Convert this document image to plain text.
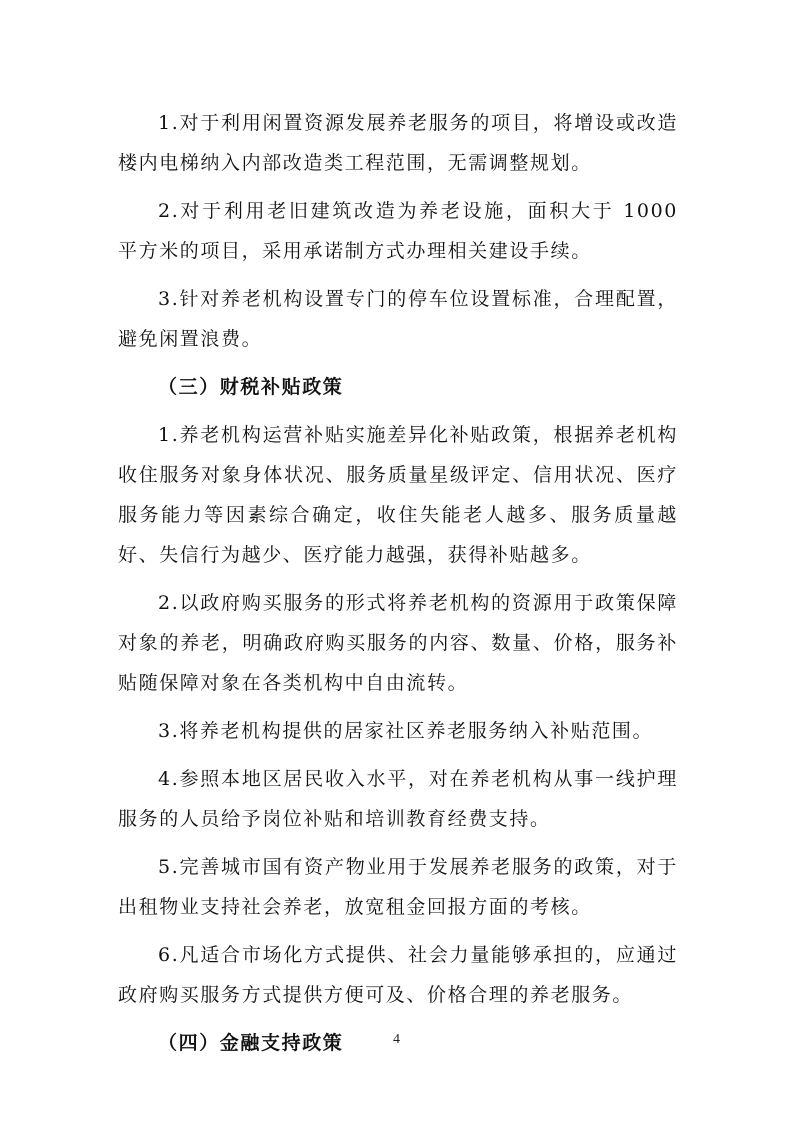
1.对于利用闲置资源发展养老服务的项目，将增设或改造楼内电梯纳入内部改造类工程范围，无需调整规划。

2.对于利用老旧建筑改造为养老设施，面积大于 1000 平方米的项目，采用承诺制方式办理相关建设手续。

3.针对养老机构设置专门的停车位设置标准，合理配置，避免闲置浪费。

（三）财税补贴政策

1.养老机构运营补贴实施差异化补贴政策，根据养老机构收住服务对象身体状况、服务质量星级评定、信用状况、医疗服务能力等因素综合确定，收住失能老人越多、服务质量越好、失信行为越少、医疗能力越强，获得补贴越多。

2.以政府购买服务的形式将养老机构的资源用于政策保障对象的养老，明确政府购买服务的内容、数量、价格，服务补贴随保障对象在各类机构中自由流转。

3.将养老机构提供的居家社区养老服务纳入补贴范围。

4.参照本地区居民收入水平，对在养老机构从事一线护理服务的人员给予岗位补贴和培训教育经费支持。

5.完善城市国有资产物业用于发展养老服务的政策，对于出租物业支持社会养老，放宽租金回报方面的考核。

6.凡适合市场化方式提供、社会力量能够承担的，应通过政府购买服务方式提供方便可及、价格合理的养老服务。

（四）金融支持政策	4
